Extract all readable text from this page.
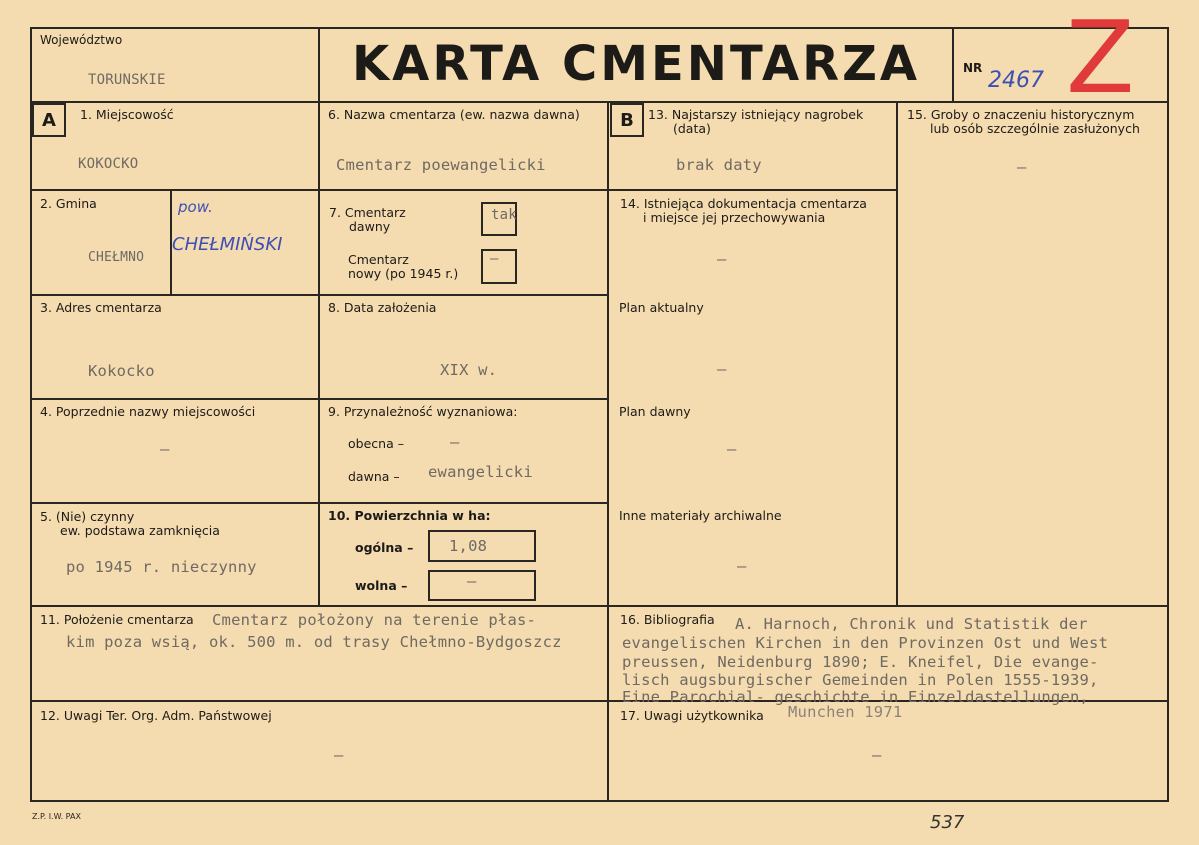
Województwo
TORUNSKIE	KARTA CMENTARZA	NR 2467 Z
A	1. Miejscowość
KOKOCKO
2. Gmina
CHEŁMNO
pow.
CHEŁMIŃSKI
3. Adres cmentarza
Kokocko
4. Poprzednie nazwy miejscowości
–
5. (Nie) czynny
ew. podstawa zamknięcia
po 1945 r. nieczynny
6. Nazwa cmentarza (ew. nazwa dawna)
Cmentarz poewangelicki
7. Cmentarz
dawny
tak
Cmentarz
nowy (po 1945 r.)
–
8. Data założenia
XIX w.
9. Przynależność wyznaniowa:
obecna –	–
dawna – ewangelicki
10. Powierzchnia w ha:
ogólna – 1,08
wolna –	–
B	13. Najstarszy istniejący nagrobek
(data)
brak daty
14. Istniejąca dokumentacja cmentarza
i miejsce jej przechowywania
–
Plan aktualny
–
Plan dawny
–
Inne materiały archiwalne
–
15. Groby o znaczeniu historycznym
lub osób szczególnie zasłużonych
–
11. Położenie cmentarza Cmentarz położony na terenie płas-
kim poza wsią, ok. 500 m. od trasy Chełmno-Bydgoszcz
16. Bibliografia A. Harnoch, Chronik und Statistik der
evangelischen Kirchen in den Provinzen Ost und West
preussen, Neidenburg 1890; E. Kneifel, Die evange-
lisch augsburgischer Gemeinden in Polen 1555-1939,
Eine Parochial- geschichte in Einzeldastellungen,
Munchen 1971
12. Uwagi Ter. Org. Adm. Państwowej
–
17. Uwagi użytkownika
–
Z.P. I.W. PAX	537
